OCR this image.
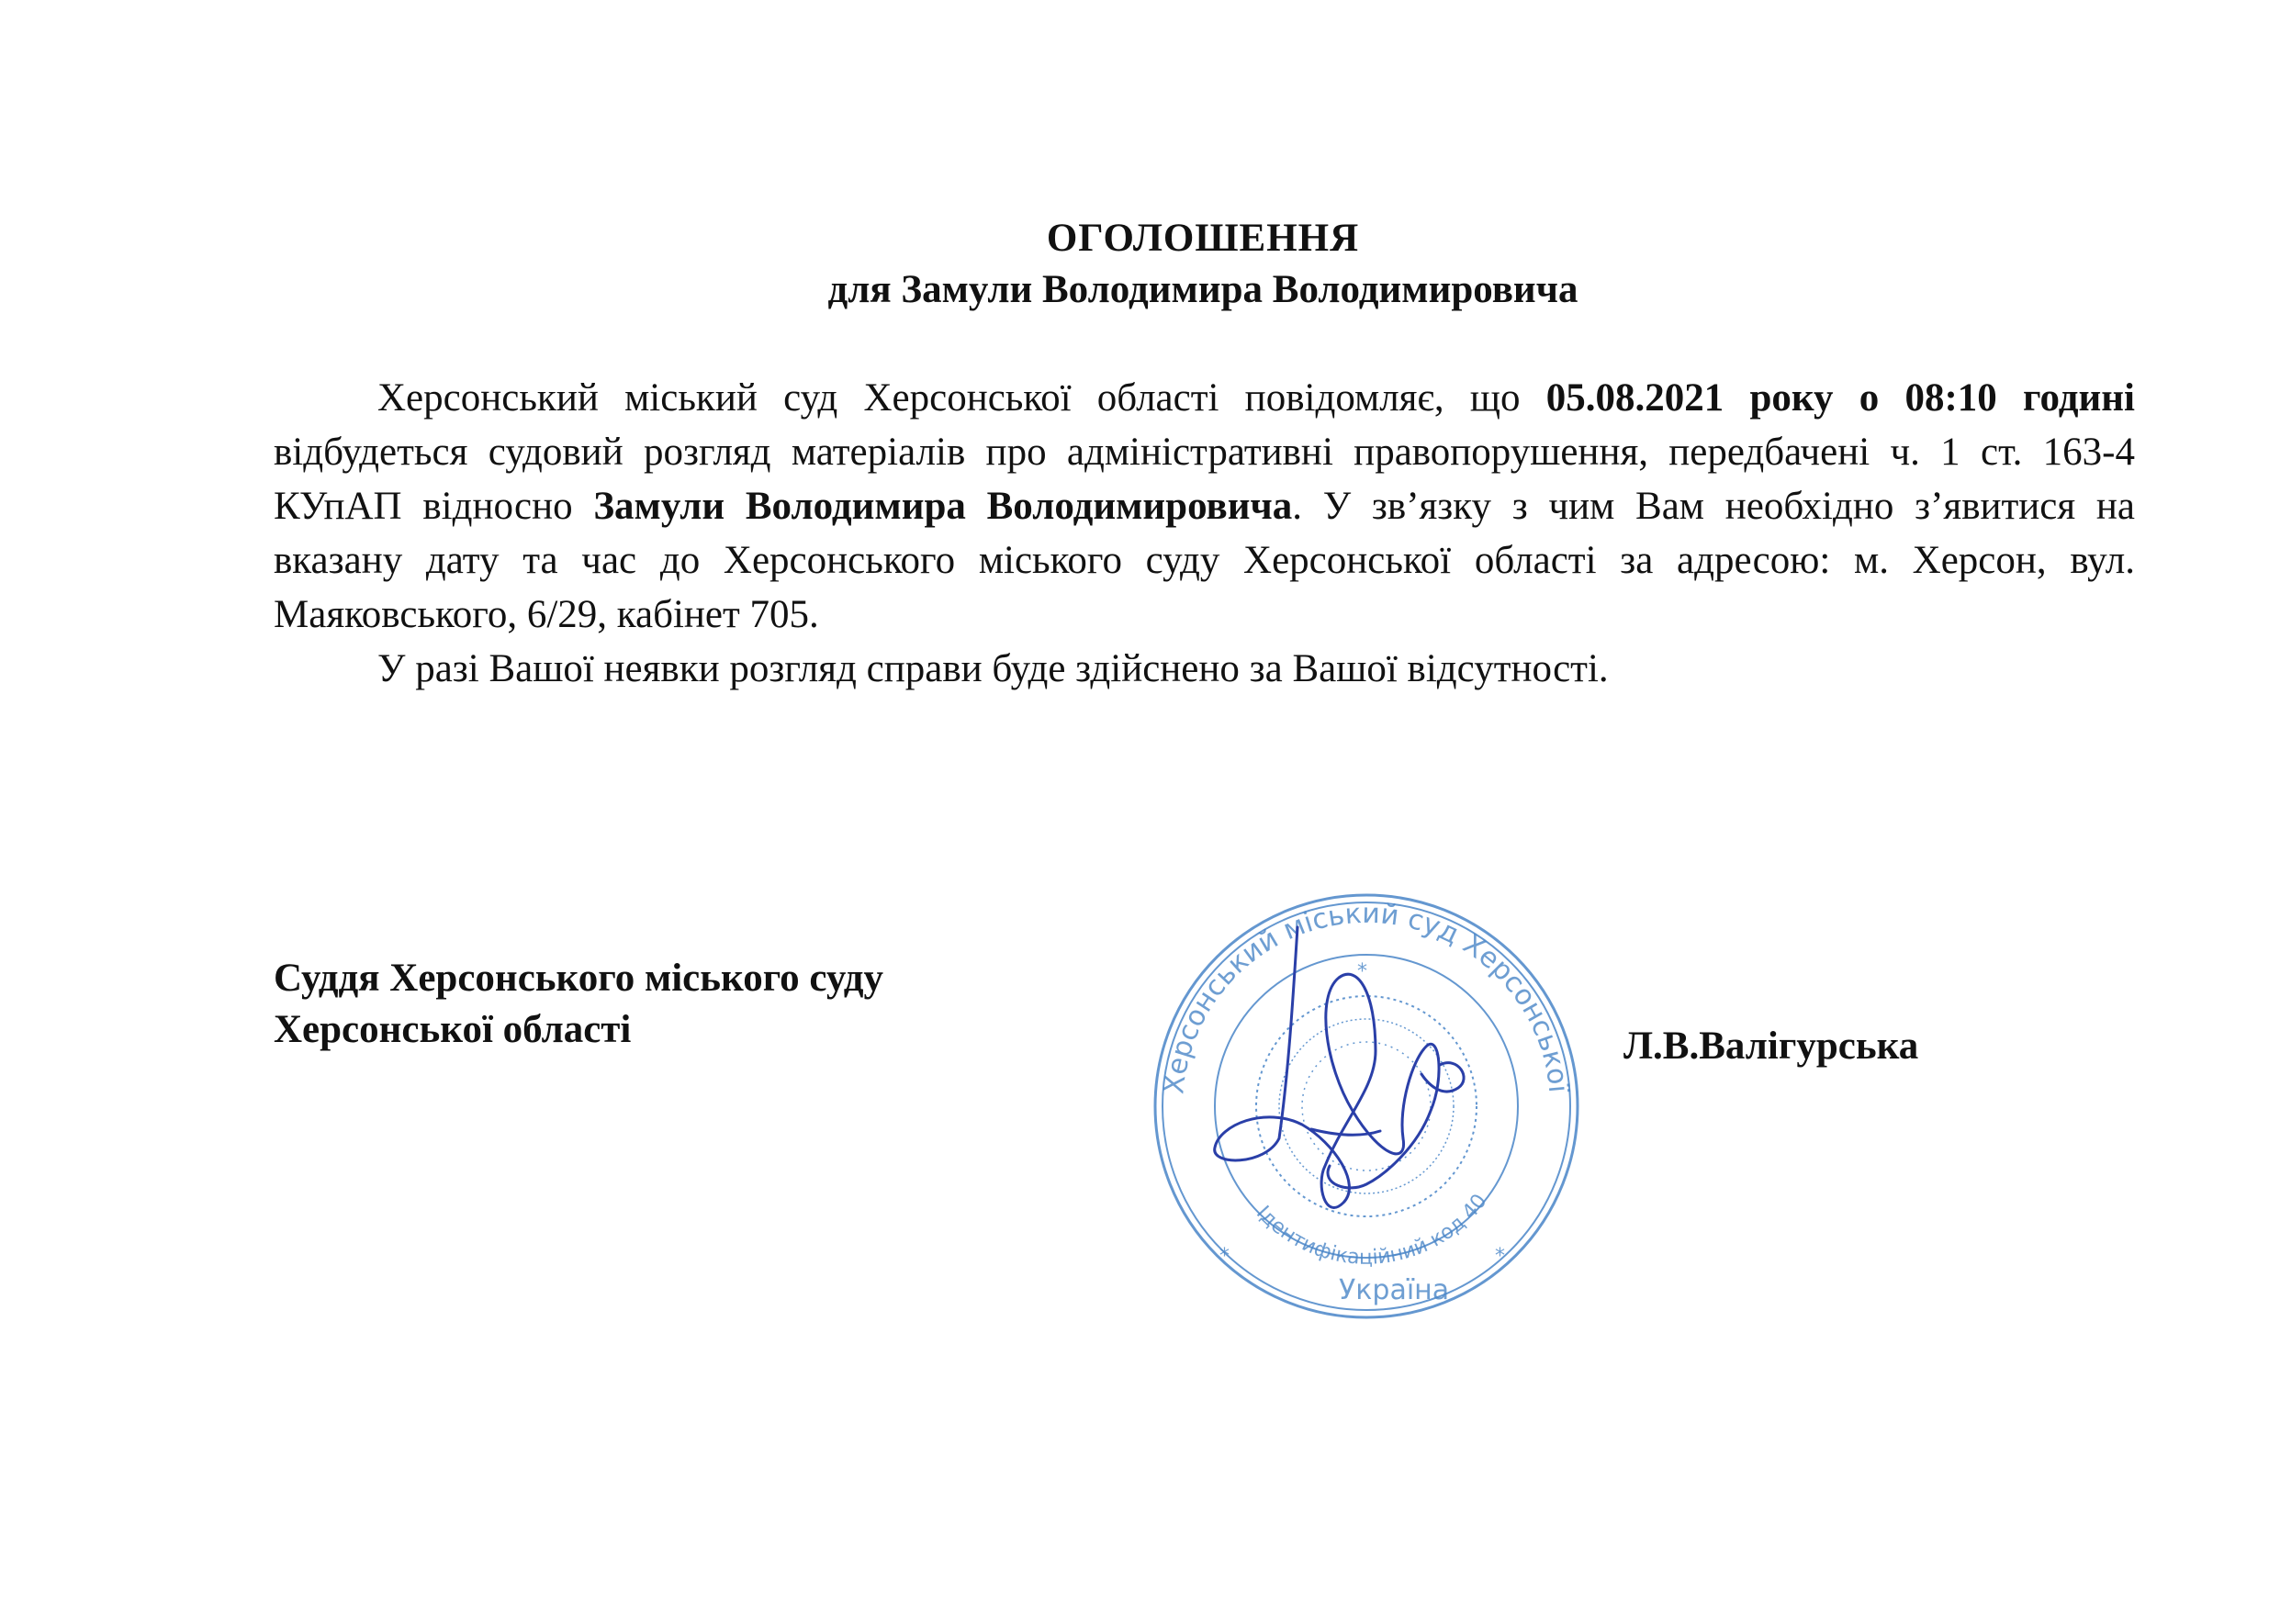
ОГОЛОШЕННЯ
для Замули Володимира Володимировича

Херсонський міський суд Херсонської області повідомляє, що 05.08.2021 року о 08:10 годині відбудеться судовий розгляд матеріалів про адміністративні правопорушення, передбачені ч. 1 ст. 163-4 КУпАП відносно Замули Володимира Володимировича. У зв’язку з чим Вам необхідно з’явитися на вказану дату та час до Херсонського міського суду Херсонської області за адресою: м. Херсон, вул. Маяковського, 6/29, кабінет 705.

У разі Вашої неявки розгляд справи буде здійснено за Вашої відсутності.

Суддя Херсонського міського суду
Херсонської області
Херсонський міський суд Херсонської
Ідентифікаційний код 40
Україна
*	*
*
Л.В.Валігурська
